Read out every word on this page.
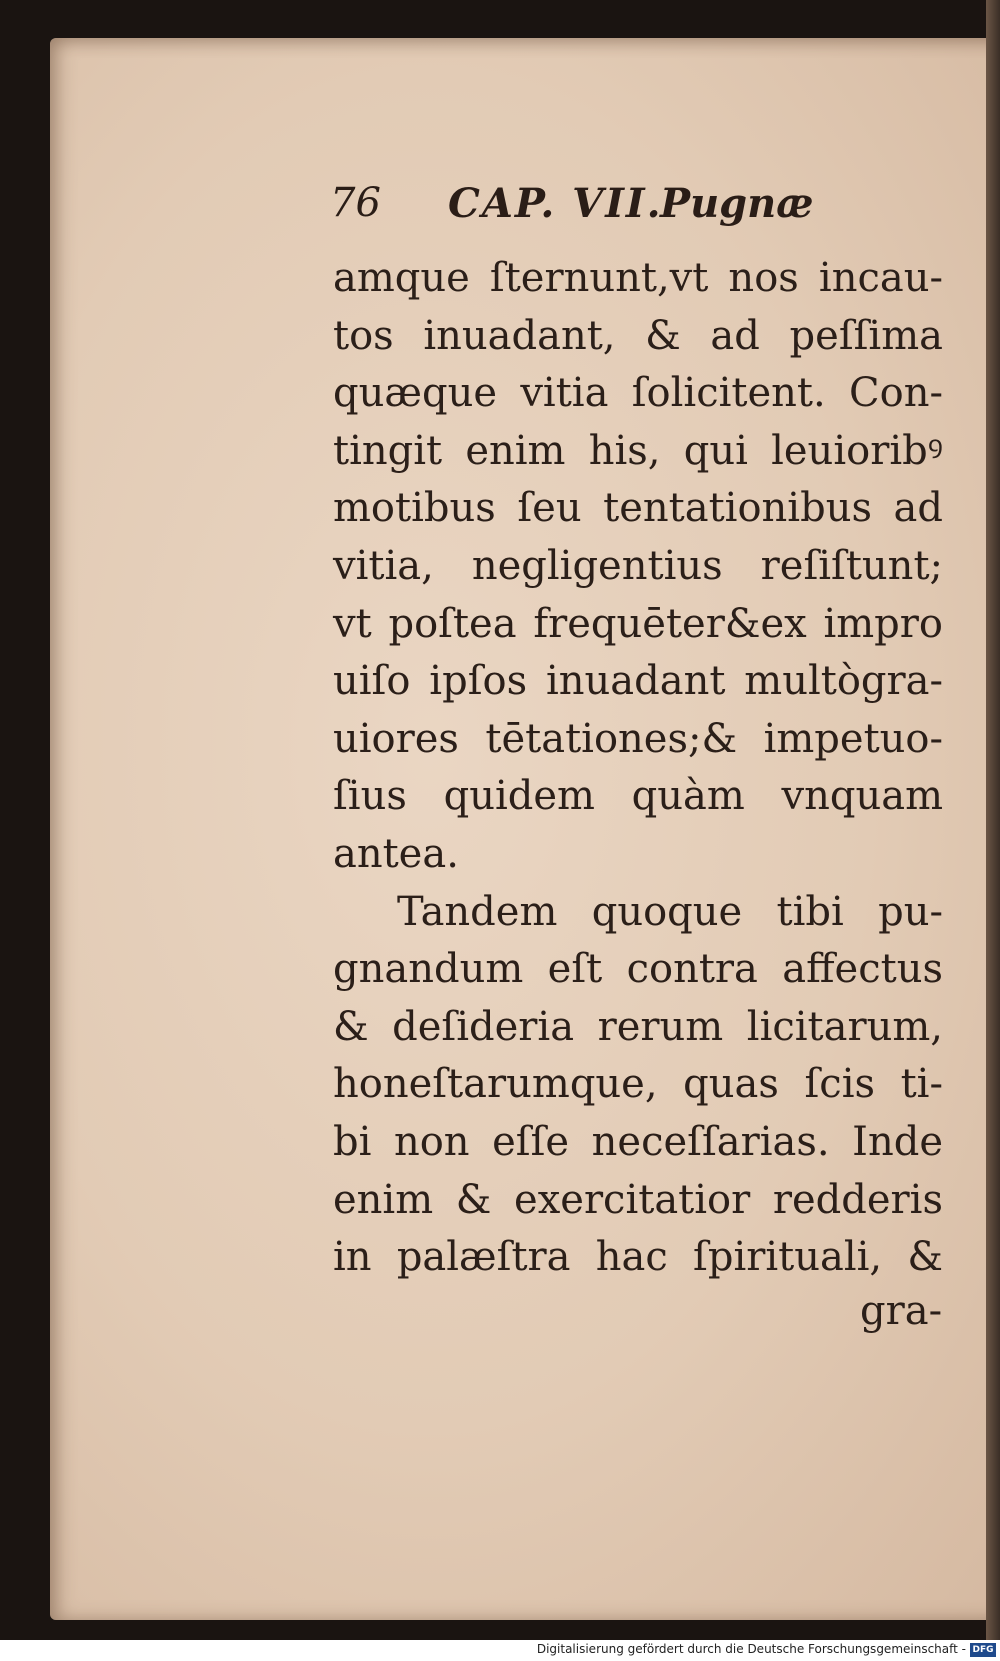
76 CAP. VII.
Pugnæ
amque ſternunt,vt nos incau-
tos inuadant, & ad peſſima
quæque vitia ſolicitent. Con-
tingit enim his, qui leuioribꝰ
motibus ſeu tentationibus ad
vitia, negligentius reſiſtunt;
vt poſtea frequēter&ex impro
uiſo ipſos inuadant multògra-
uiores tētationes;& impetuo-
ſius quidem quàm vnquam
antea.
Tandem quoque tibi pu-
gnandum eſt contra affectus
& deſideria rerum licitarum,
honeſtarumque, quas ſcis ti-
bi non eſſe neceſſarias. Inde
enim & exercitatior redderis
in palæſtra hac ſpirituali, &
gra-
Digitalisierung gefördert durch die Deutsche Forschungsgemeinschaft - DFG
